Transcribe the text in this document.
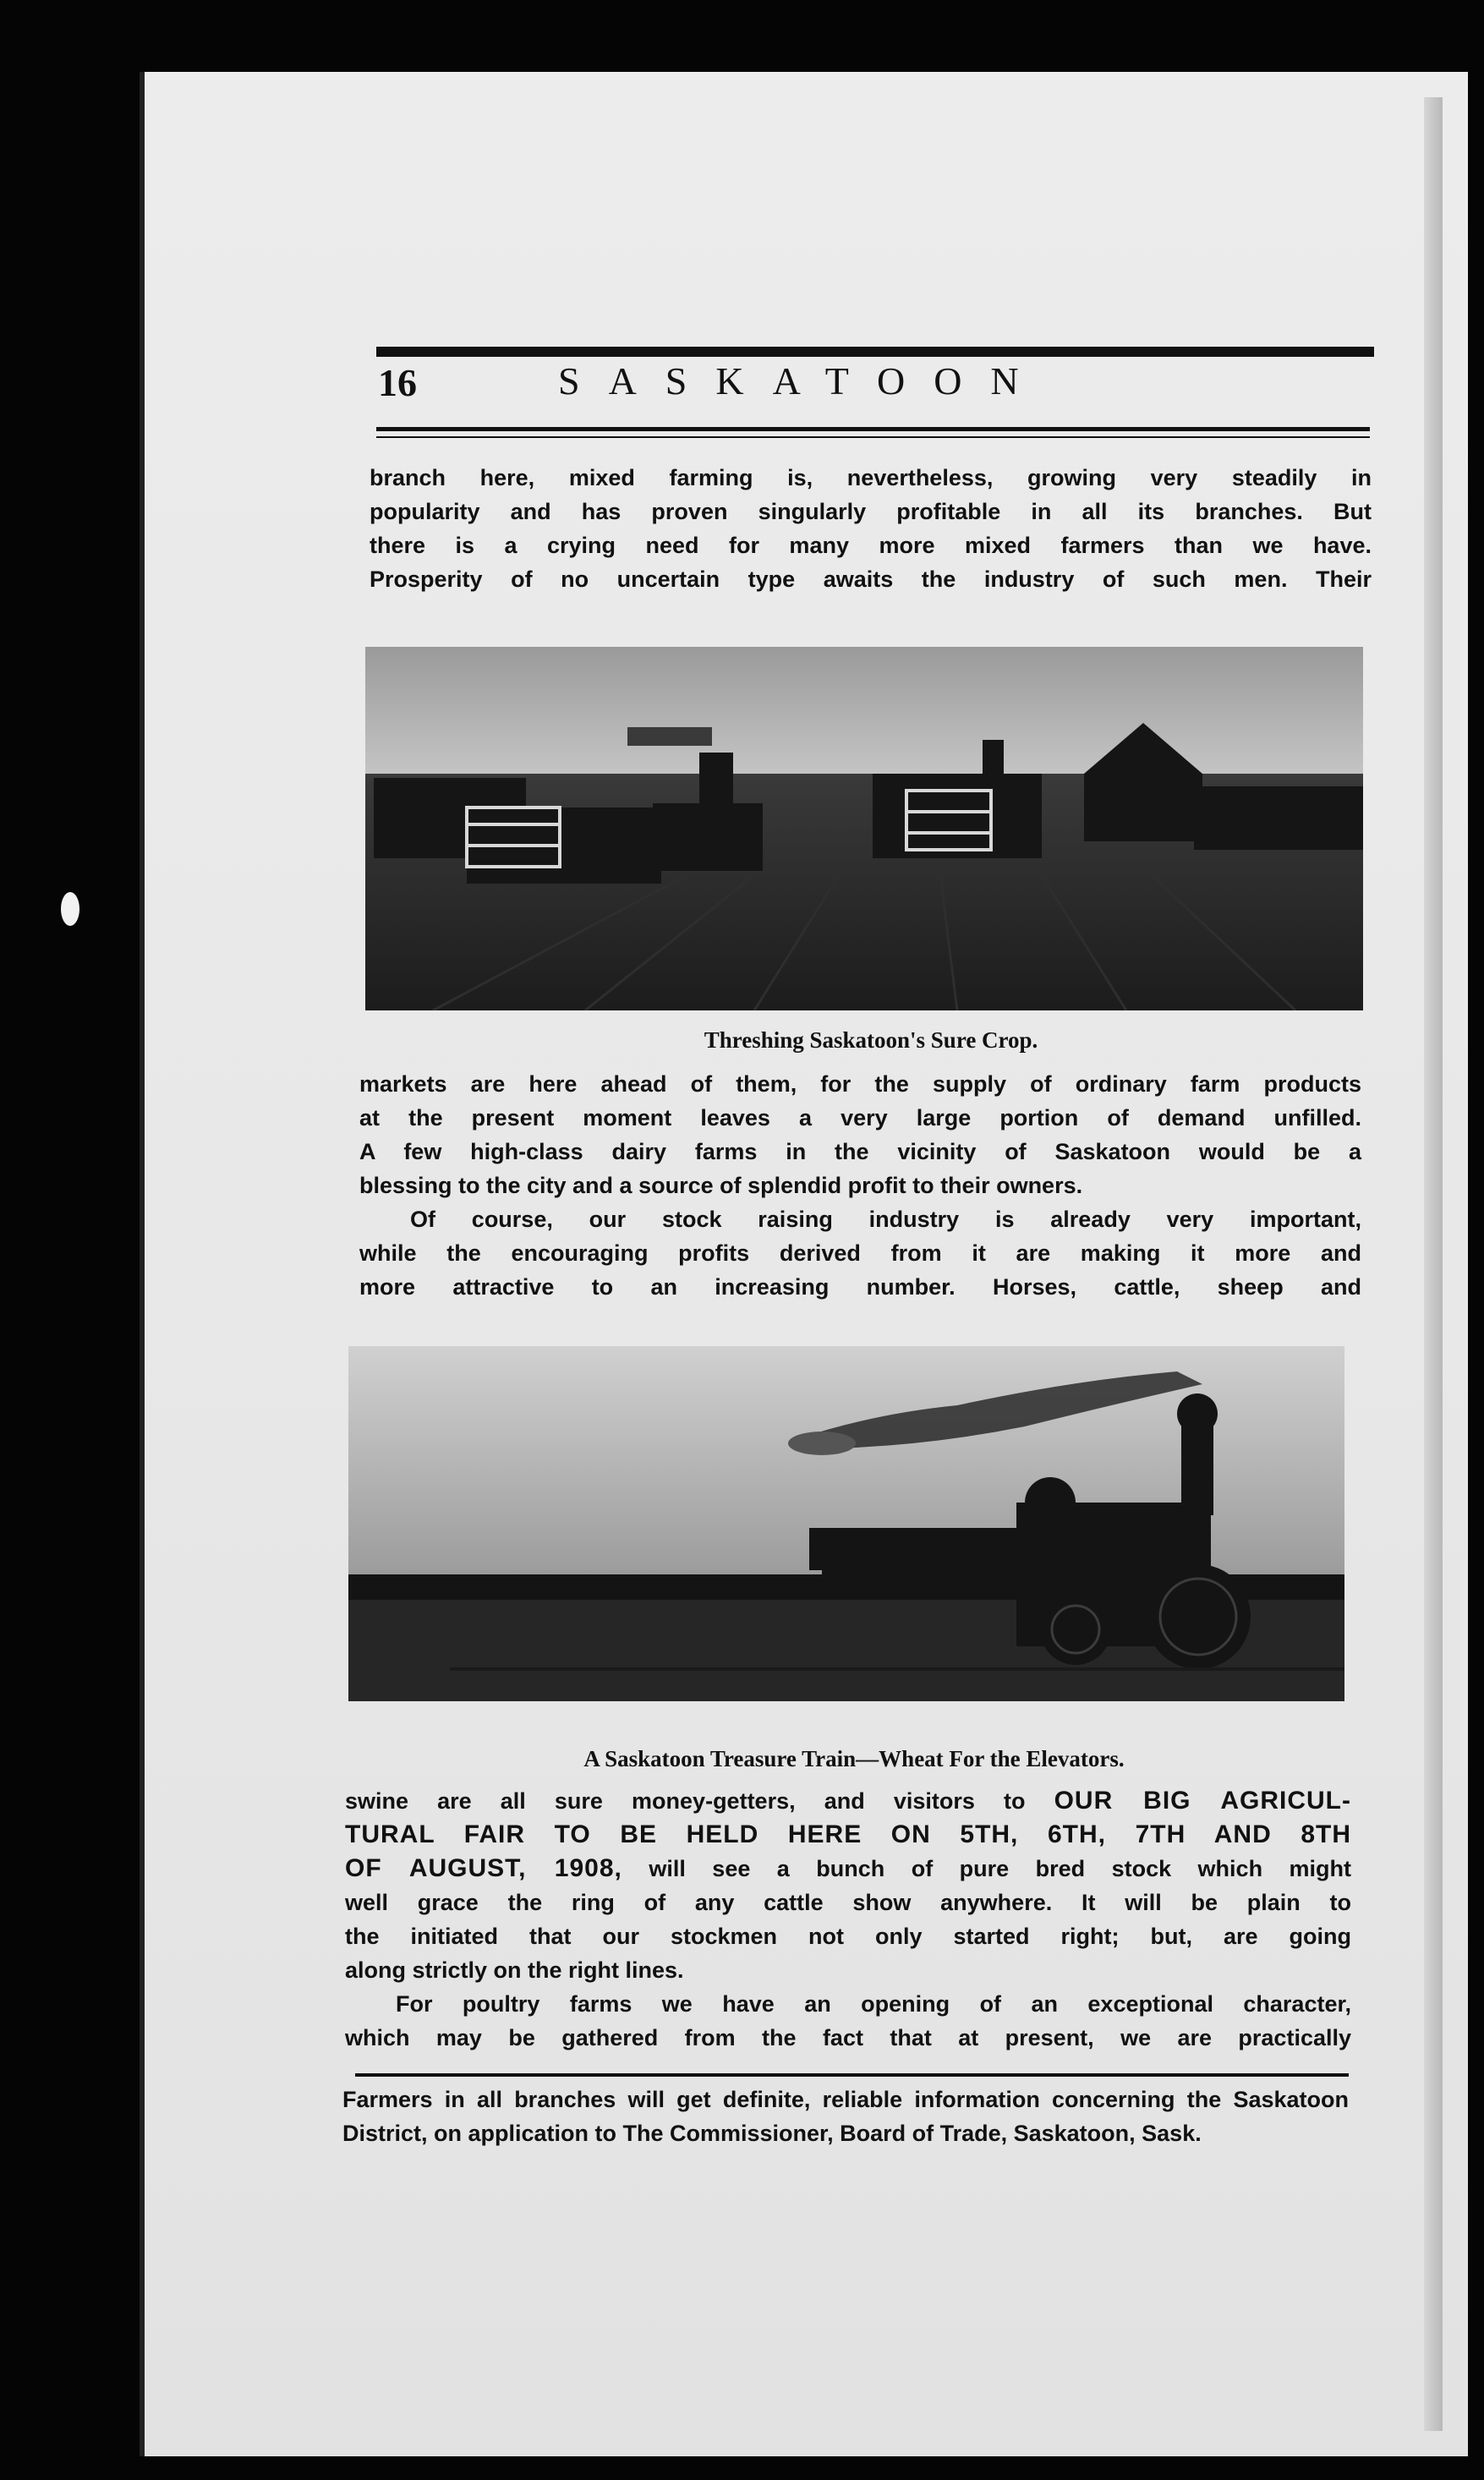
16	SASKATOON

branch here, mixed farming is, nevertheless, growing very steadily in

popularity and has proven singularly profitable in all its branches. But

there is a crying need for many more mixed farmers than we have.

Prosperity of no uncertain type awaits the industry of such men. Their

Threshing Saskatoon's Sure Crop.

markets are here ahead of them, for the supply of ordinary farm products

at the present moment leaves a very large portion of demand unfilled.

A few high-class dairy farms in the vicinity of Saskatoon would be a

blessing to the city and a source of splendid profit to their owners.

Of course, our stock raising industry is already very important,

while the encouraging profits derived from it are making it more and

more attractive to an increasing number. Horses, cattle, sheep and

A Saskatoon Treasure Train—Wheat For the Elevators.

swine are all sure money-getters, and visitors to OUR BIG AGRICUL-

TURAL FAIR TO BE HELD HERE ON 5TH, 6TH, 7TH AND 8TH

OF AUGUST, 1908, will see a bunch of pure bred stock which might

well grace the ring of any cattle show anywhere. It will be plain to

the initiated that our stockmen not only started right; but, are going

along strictly on the right lines.

For poultry farms we have an opening of an exceptional character,

which may be gathered from the fact that at present, we are practically

Farmers in all branches will get definite, reliable information concerning the Saskatoon District, on application to The Commissioner, Board of Trade, Saskatoon, Sask.
